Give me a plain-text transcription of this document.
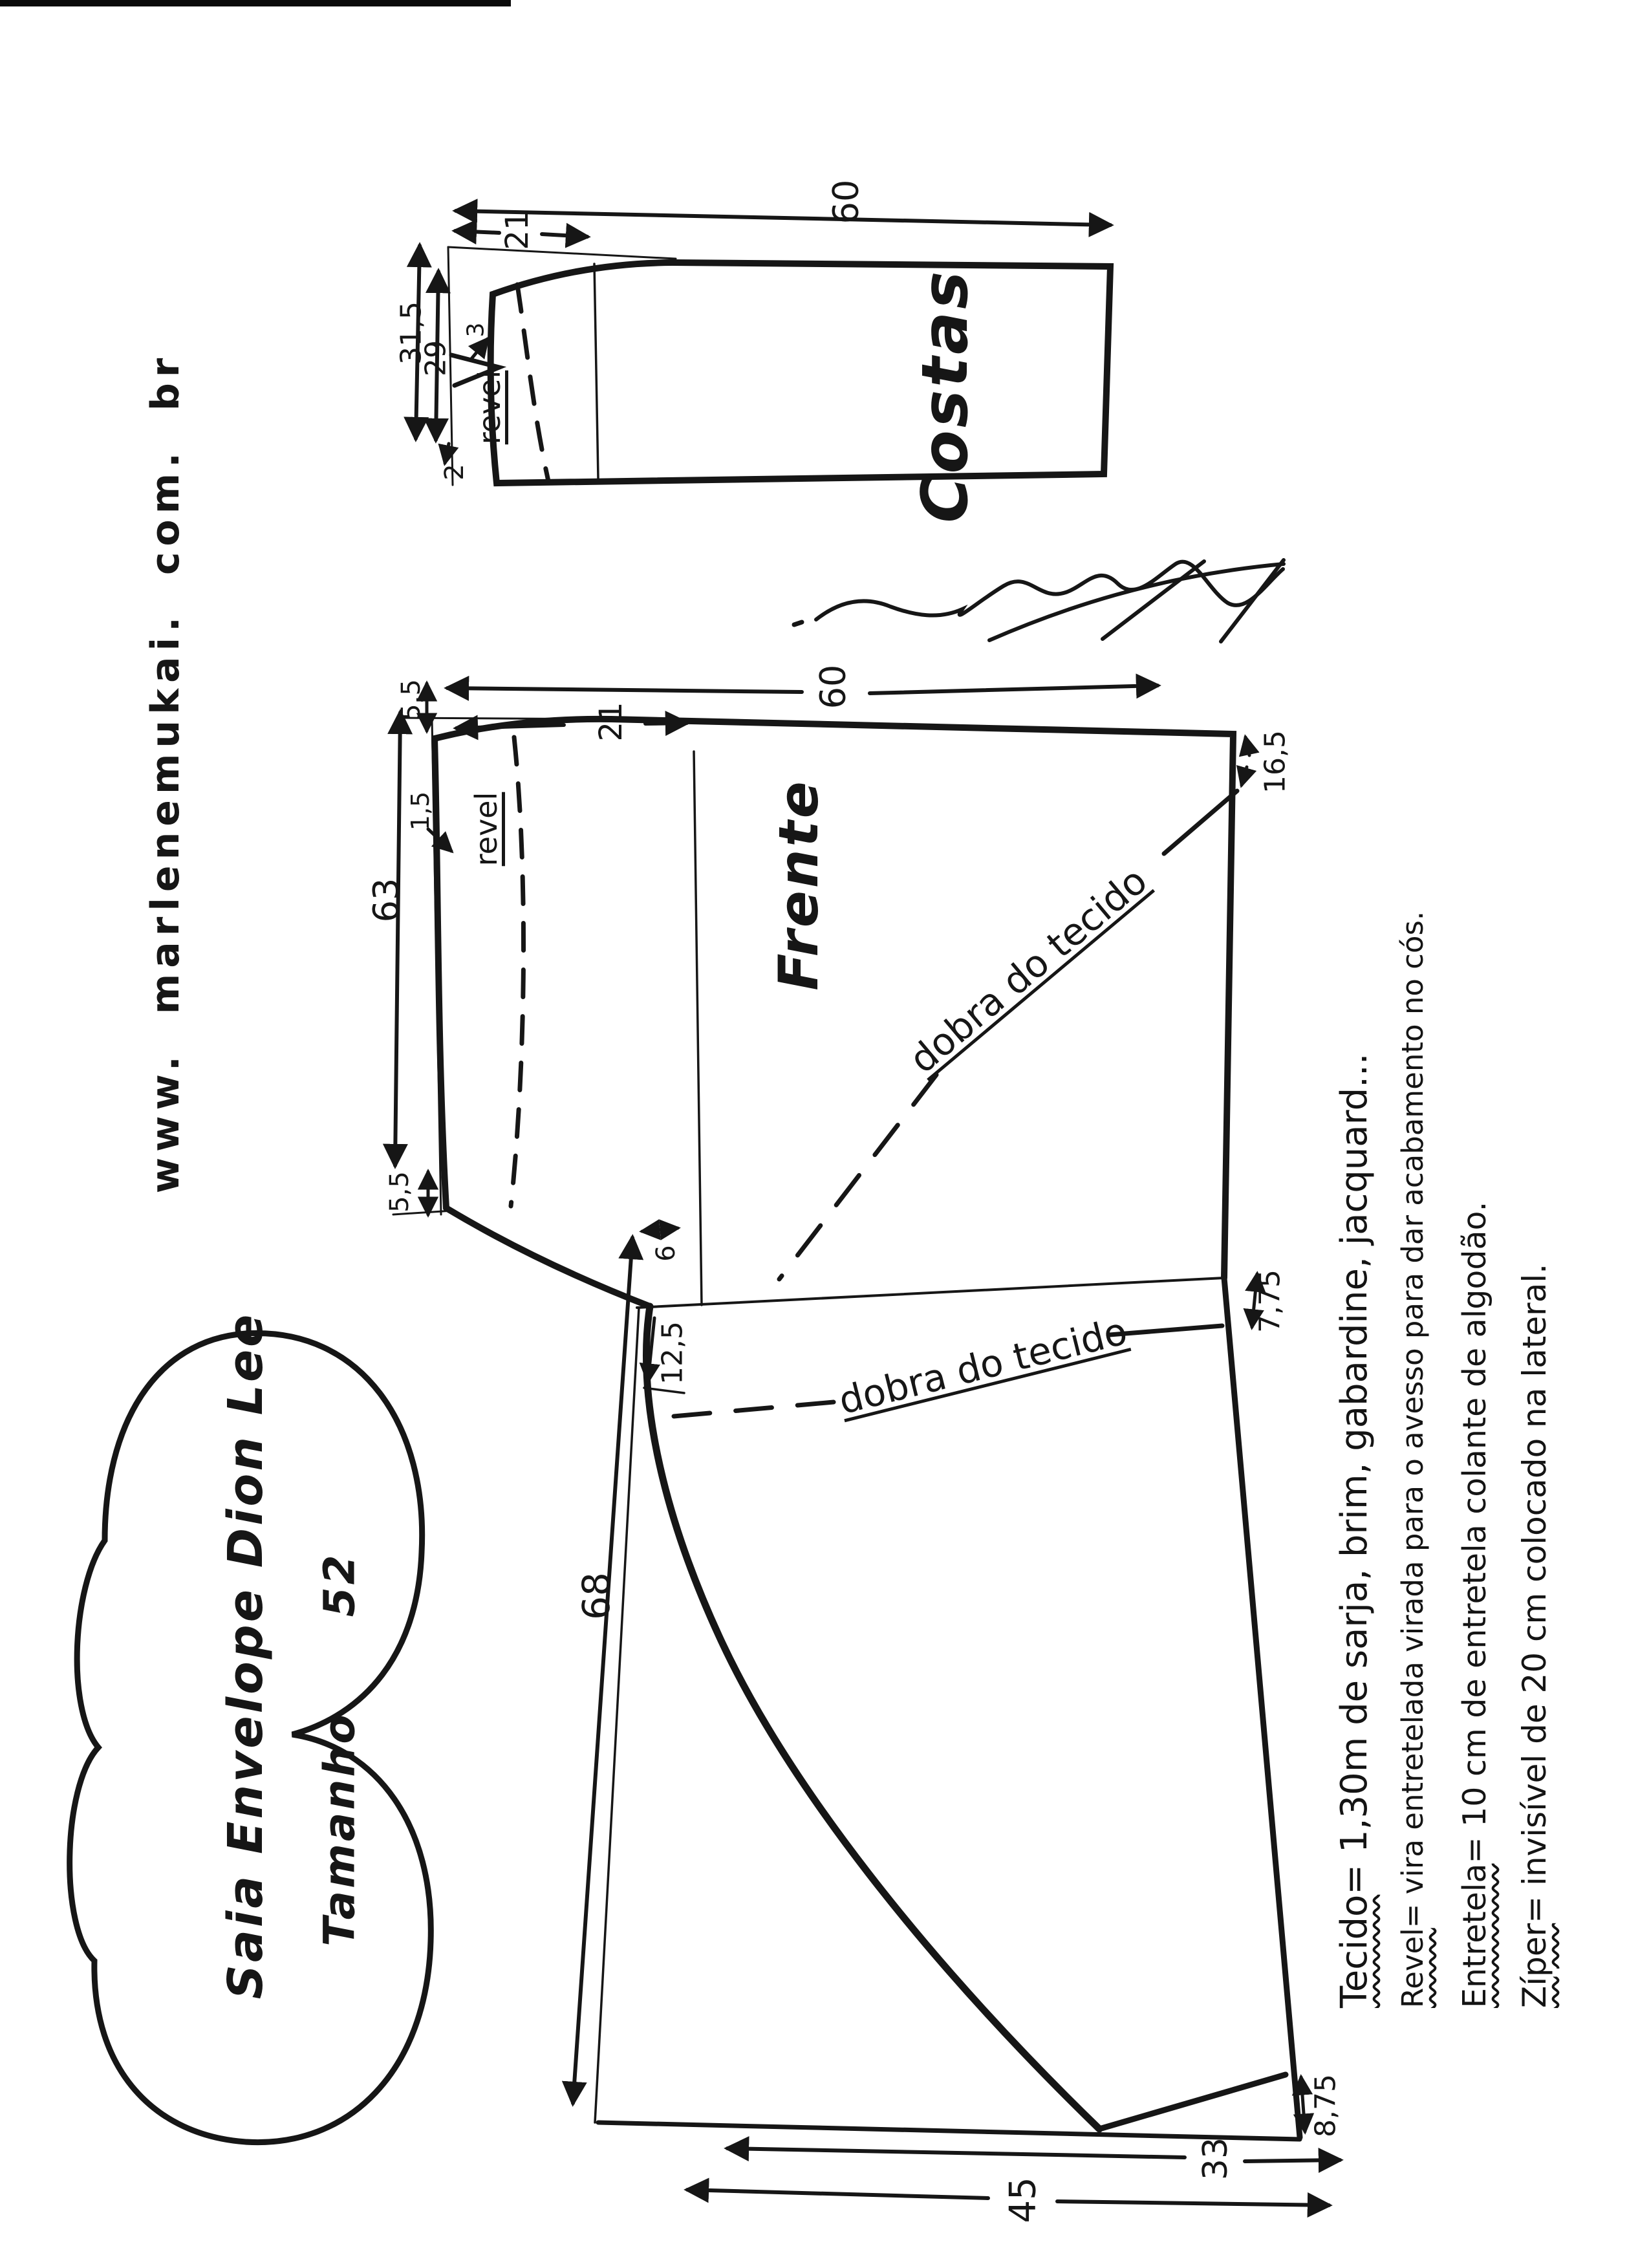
www. marlenemukai. com. br
Saia Envelope Dion Lee Tamanho 52
Costas
revel
60
21
31,5
29
2
3
Frente
revel
60
21
63
5,5
1,5
5,5
16,5
dobra do tecido
dobra do tecido
68
12,5
6
7,75
33
45
8,75
Tecido= 1,30m de sarja, brim, gabardine, jacquard...
Revel= vira entretelada virada para o avesso para dar acabamento no cós.
Entretela= 10 cm de entretela colante de algodão.
Zíper= invisível de 20 cm colocado na lateral.
